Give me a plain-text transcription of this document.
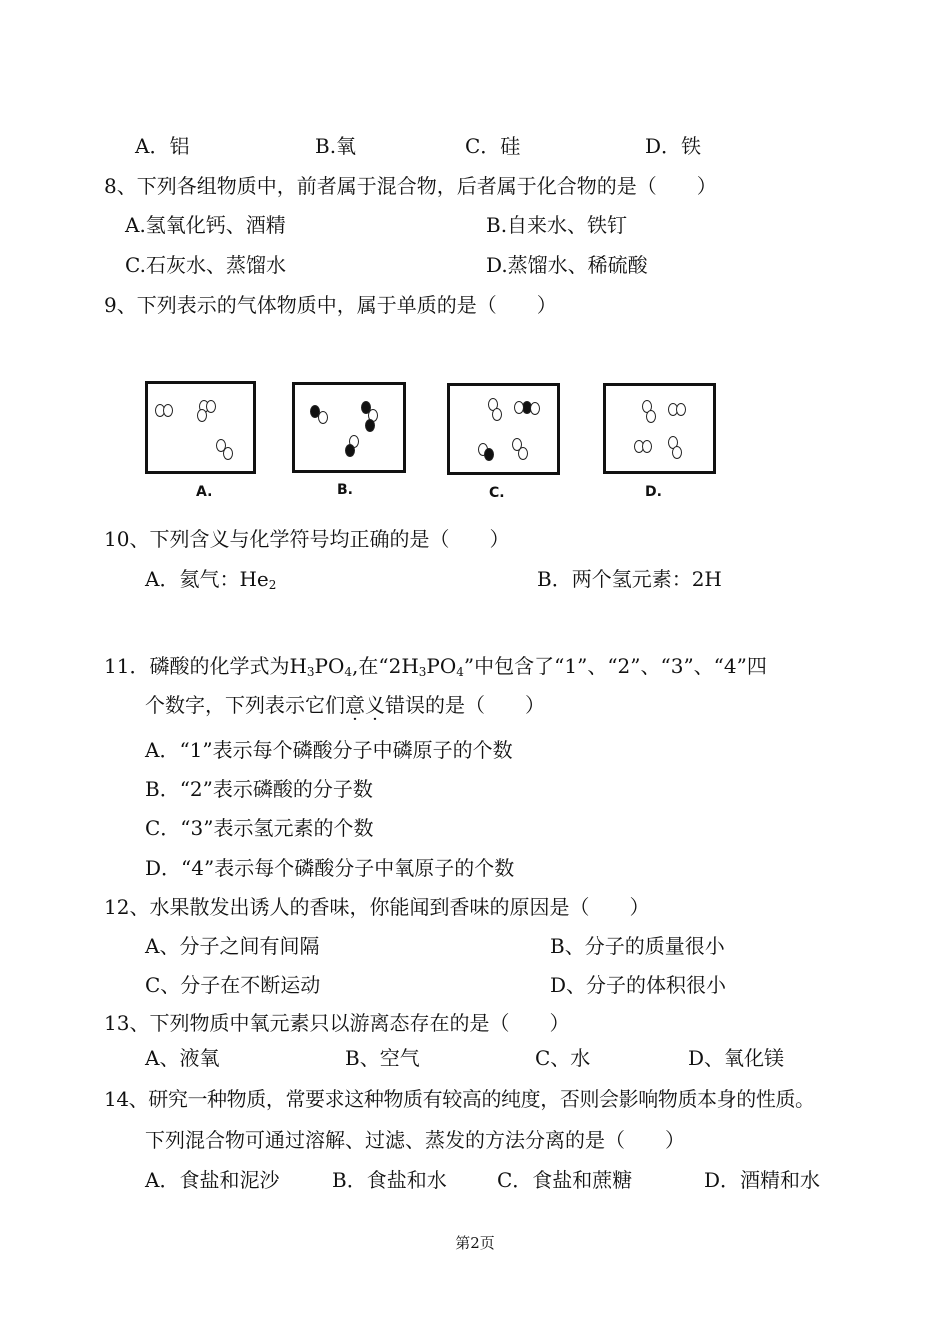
A．铝	B.氧	C．硅	D．铁
8、下列各组物质中，前者属于混合物，后者属于化合物的是（　　）
A.氢氧化钙、酒精	B.自来水、铁钉
C.石灰水、蒸馏水	D.蒸馏水、稀硫酸
9、下列表示的气体物质中，属于单质的是（　　）
A.	B.	C.	D.
10、下列含义与化学符号均正确的是（　　）
A．氦气：$He_2$	B．两个氢元素：2H
11．磷酸的化学式为$H_3PO_4$,在“$2H_3PO_4$”中包含了“1”、“2”、“3”、“4”四
个数字，下列表示它们意义错误的是（　　）
A．“1”表示每个磷酸分子中磷原子的个数
B．“2”表示磷酸的分子数
C．“3”表示氢元素的个数
D．“4”表示每个磷酸分子中氧原子的个数
12、水果散发出诱人的香味，你能闻到香味的原因是（　　）
A、分子之间有间隔	B、分子的质量很小
C、分子在不断运动	D、分子的体积很小
13、下列物质中氧元素只以游离态存在的是（　　）
A、液氧	B、空气	C、水	D、氧化镁
14、研究一种物质，常要求这种物质有较高的纯度，否则会影响物质本身的性质。
下列混合物可通过溶解、过滤、蒸发的方法分离的是（　　）
A．食盐和泥沙	B．食盐和水	C．食盐和蔗糖	D．酒精和水
第2页
